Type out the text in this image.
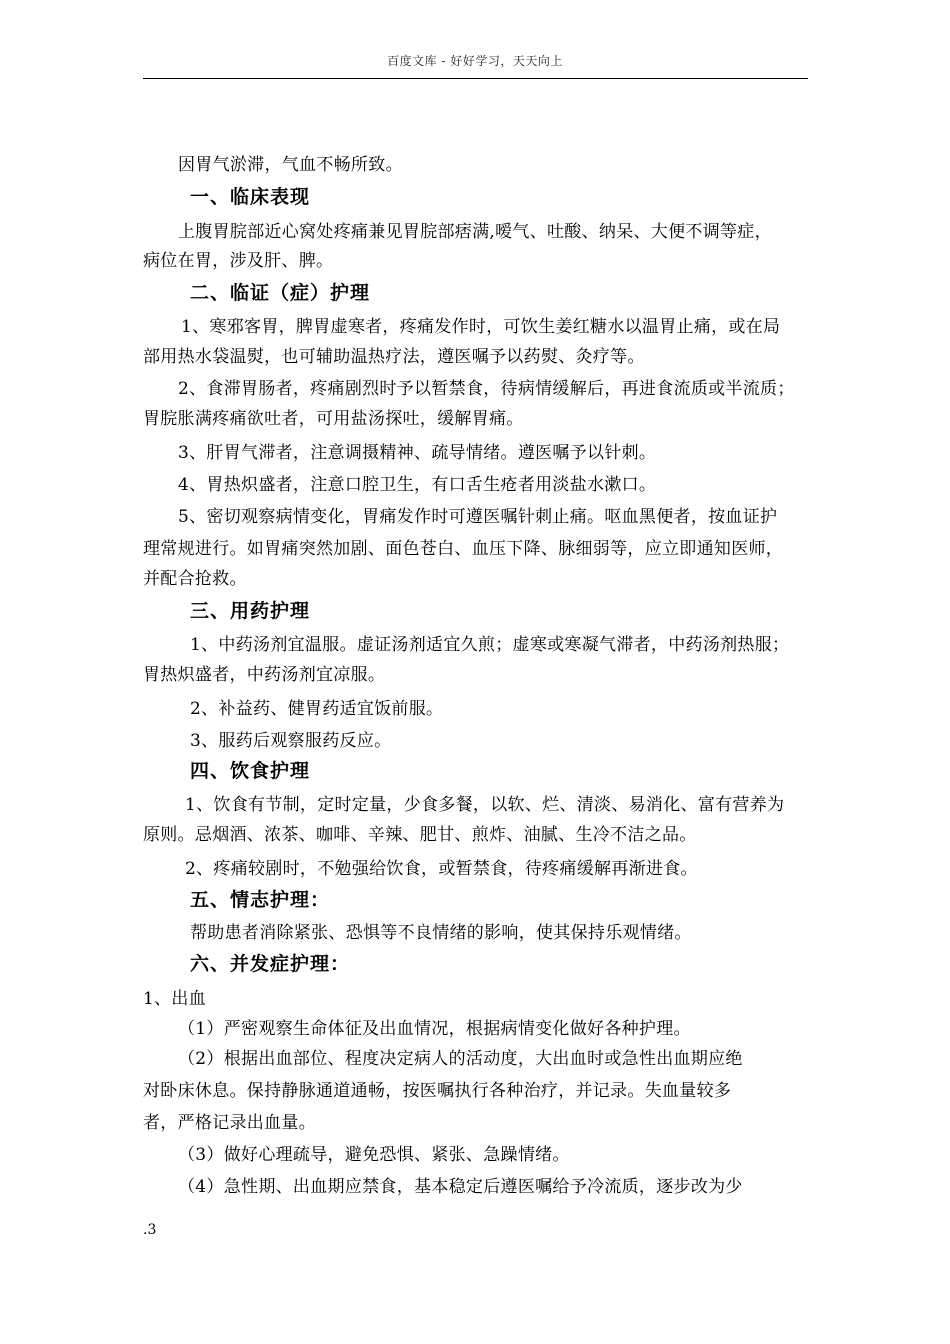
百度文库 - 好好学习，天天向上
一、临床表现
二、临证（症）护理
三、用药护理
四、饮食护理
五、情志护理：
六、并发症护理：
因胃气淤滞，气血不畅所致。
上腹胃脘部近心窝处疼痛兼见胃脘部痞满,嗳气、吐酸、纳呆、大便不调等症，
病位在胃，涉及肝、脾。
1、寒邪客胃，脾胃虚寒者，疼痛发作时，可饮生姜红糖水以温胃止痛，或在局
部用热水袋温熨，也可辅助温热疗法，遵医嘱予以药熨、灸疗等。
2、食滞胃肠者，疼痛剧烈时予以暂禁食，待病情缓解后，再进食流质或半流质；
胃脘胀满疼痛欲吐者，可用盐汤探吐，缓解胃痛。
3、肝胃气滞者，注意调摄精神、疏导情绪。遵医嘱予以针刺。
4、胃热炽盛者，注意口腔卫生，有口舌生疮者用淡盐水漱口。
5、密切观察病情变化，胃痛发作时可遵医嘱针刺止痛。呕血黑便者，按血证护
理常规进行。如胃痛突然加剧、面色苍白、血压下降、脉细弱等，应立即通知医师，
并配合抢救。
1、中药汤剂宜温服。虚证汤剂适宜久煎；虚寒或寒凝气滞者，中药汤剂热服；
胃热炽盛者，中药汤剂宜凉服。
2、补益药、健胃药适宜饭前服。
3、服药后观察服药反应。
1、饮食有节制，定时定量，少食多餐，以软、烂、清淡、易消化、富有营养为
原则。忌烟酒、浓茶、咖啡、辛辣、肥甘、煎炸、油腻、生冷不洁之品。
2、疼痛较剧时，不勉强给饮食，或暂禁食，待疼痛缓解再渐进食。
帮助患者消除紧张、恐惧等不良情绪的影响，使其保持乐观情绪。
1、出血
（1）严密观察生命体征及出血情况，根据病情变化做好各种护理。
（2）根据出血部位、程度决定病人的活动度，大出血时或急性出血期应绝
对卧床休息。保持静脉通道通畅，按医嘱执行各种治疗，并记录。失血量较多
者，严格记录出血量。
（3）做好心理疏导，避免恐惧、紧张、急躁情绪。
（4）急性期、出血期应禁食，基本稳定后遵医嘱给予冷流质，逐步改为少
.3
